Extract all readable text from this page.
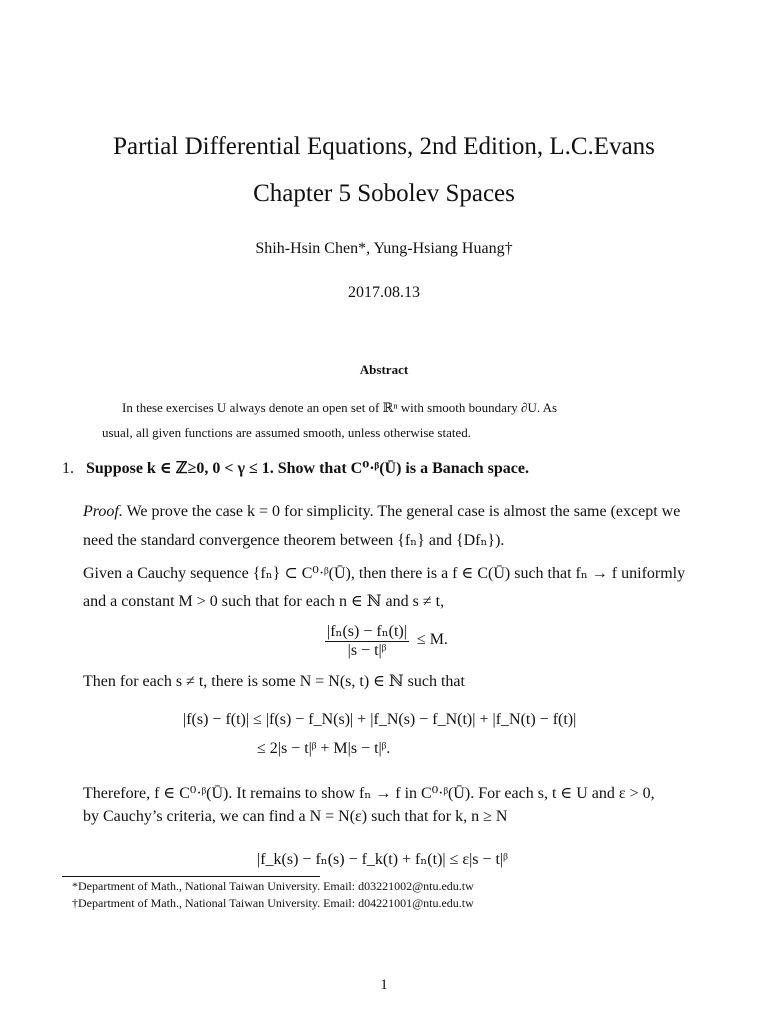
Partial Differential Equations, 2nd Edition, L.C.Evans
Chapter 5 Sobolev Spaces
Shih-Hsin Chen*, Yung-Hsiang Huang†
2017.08.13
Abstract
In these exercises U always denote an open set of ℝⁿ with smooth boundary ∂U. As
usual, all given functions are assumed smooth, unless otherwise stated.
1. Suppose k ∈ ℤ≥0, 0 < γ ≤ 1. Show that C⁰·ᵝ(Ū) is a Banach space.
Proof. We prove the case k = 0 for simplicity. The general case is almost the same (except we
need the standard convergence theorem between {fₙ} and {Dfₙ}).
Given a Cauchy sequence {fₙ} ⊂ C⁰·ᵝ(Ū), then there is a f ∈ C(Ū) such that fₙ → f uniformly
and a constant M > 0 such that for each n ∈ ℕ and s ≠ t,
$\frac{\text{|fₙ(s) − fₙ(t)|}}{\text{|s − t|ᵝ}} \le M$.
Then for each s ≠ t, there is some N = N(s, t) ∈ ℕ such that
|f(s) − f(t)| ≤ |f(s) − f_N(s)| + |f_N(s) − f_N(t)| + |f_N(t) − f(t)|
≤ 2|s − t|ᵝ + M|s − t|ᵝ.
Therefore, f ∈ C⁰·ᵝ(Ū). It remains to show fₙ → f in C⁰·ᵝ(Ū). For each s, t ∈ U and ε > 0,
by Cauchy’s criteria, we can find a N = N(ε) such that for k, n ≥ N
|f_k(s) − fₙ(s) − f_k(t) + fₙ(t)| ≤ ε|s − t|ᵝ
*Department of Math., National Taiwan University. Email: d03221002@ntu.edu.tw
†Department of Math., National Taiwan University. Email: d04221001@ntu.edu.tw
1
